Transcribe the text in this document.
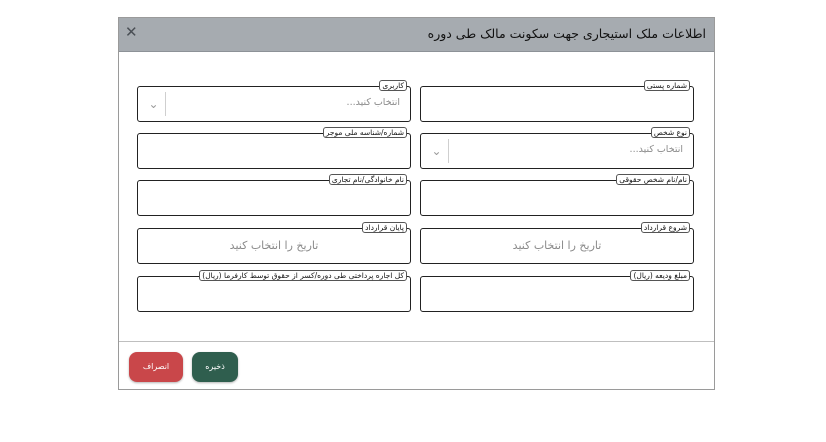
✕	اطلاعات ملک استیجاری جهت سکونت مالک طی دوره
شماره پستی
کاربری
انتخاب کنید...
⌄
نوع شخص
انتخاب کنید...
⌄
شماره/شناسه ملی موجر
نام/نام شخص حقوقی
نام خانوادگی/نام تجاری
شروع قرارداد
تاریخ را انتخاب کنید
پایان قرارداد
تاریخ را انتخاب کنید
مبلغ ودیعه (ریال)
کل اجاره پرداختی طی دوره/کسر از حقوق توسط کارفرما (ریال)
ذخیره
انصراف
